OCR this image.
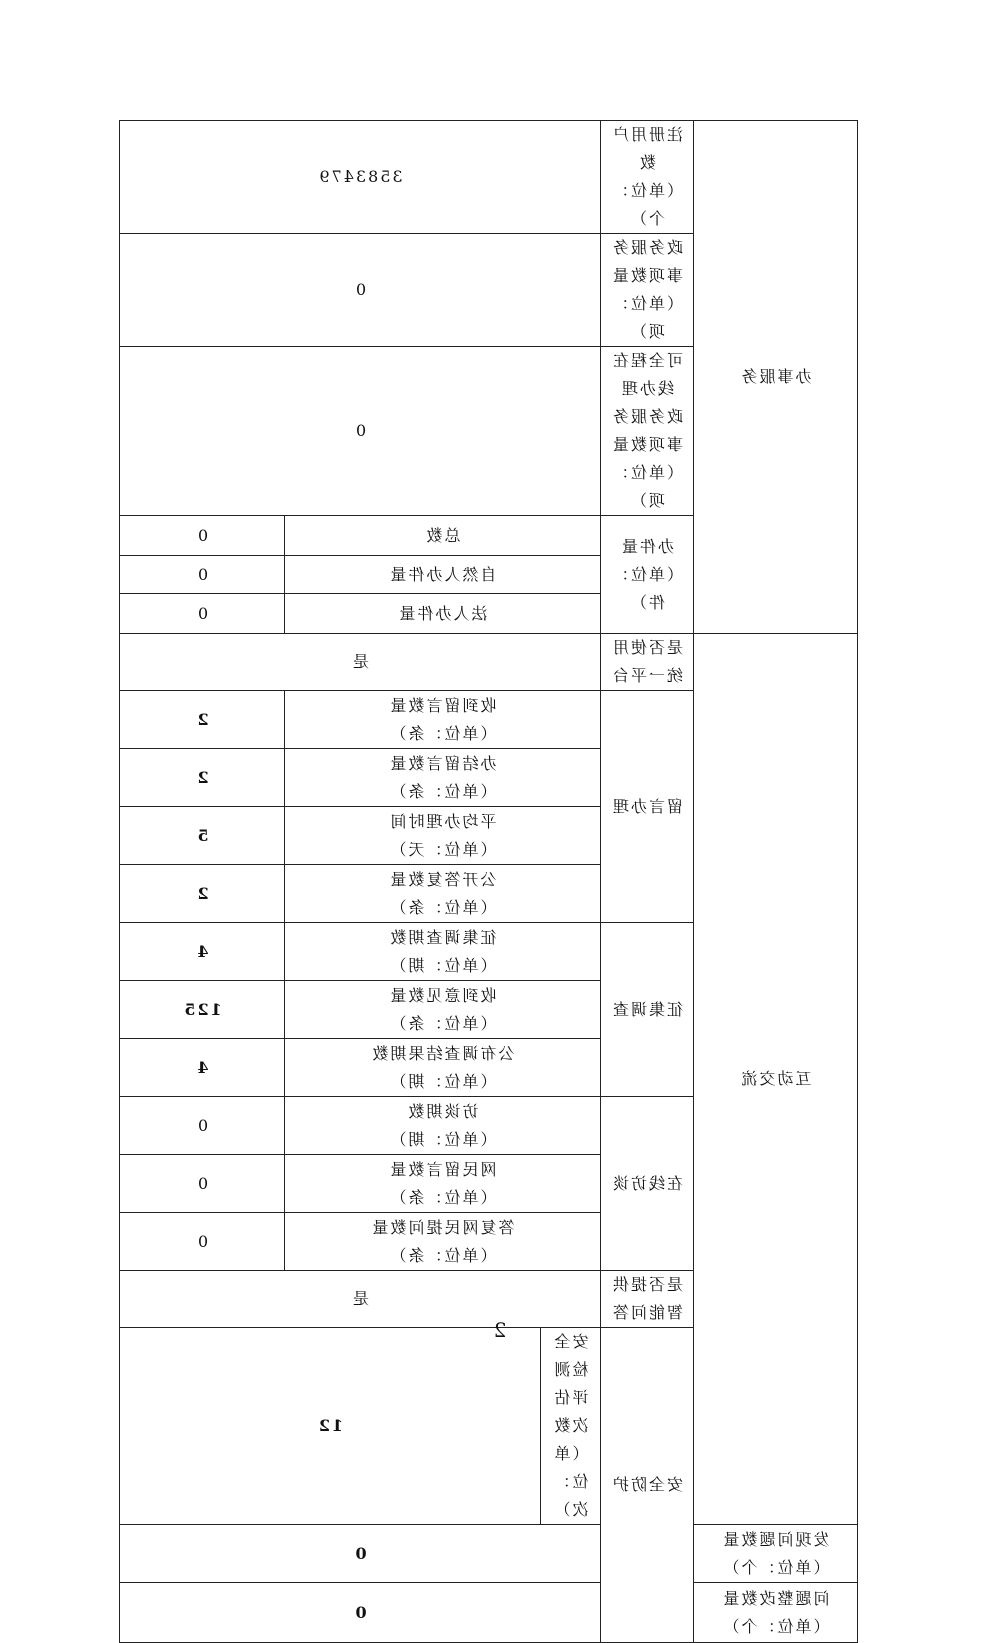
办事服务	注册用户数
（单位：个）	3583479		

	政务服务事项数量
（单位：项）	0		

	可全程在线办理
政务服务事项数量
（单位：项）	0		

	办件量
（单位：件）	总数		0
		自然人办件量		0
		法人办件量		0
互动交流	是否使用统一平台	是		
	留言办理	收到留言数量
（单位：条）		2

		办结留言数量
（单位：条）		2

		平均办理时间
（单位：天）		5

		公开答复数量
（单位：条）		2
	征集调查	征集调查期数
（单位：期）		4

		收到意见数量
（单位：条）		125

		公布调查结果期数
（单位：期）		4
	在线访谈	访谈期数
（单位：期）		0

		网民留言数量
（单位：条）		0

		答复网民提问数量
（单位：条）		0
	是否提供智能问答	是		
	安全防护	安全检测评估次数
（单位：次）	12	

发现问题数量
（单位：个）		0		

问题整改数量
（单位：个）		0		
2
